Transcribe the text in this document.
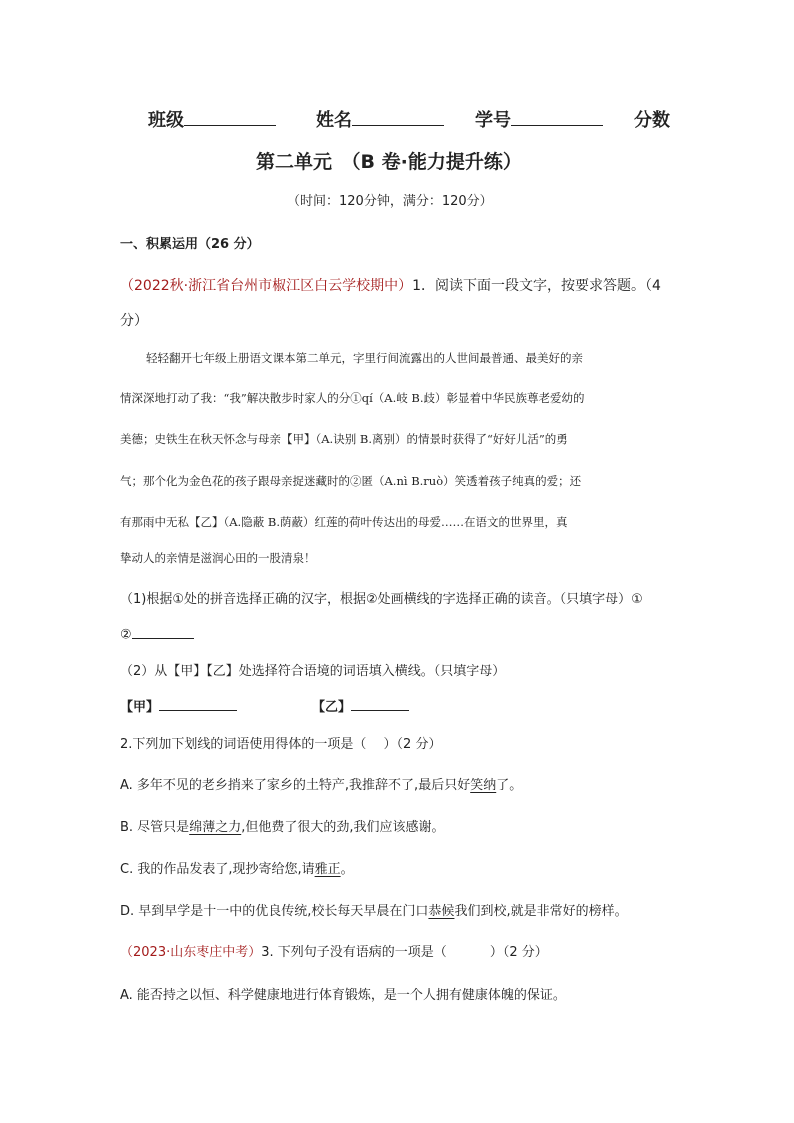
班级	姓名	学号	分数
第二单元　（B 卷·能力提升练）
（时间：120分钟，满分：120分）
一、积累运用（26 分）
（2022秋·浙江省台州市椒江区白云学校期中）1．阅读下面一段文字，按要求答题。（4
分）
轻轻翻开七年级上册语文课本第二单元，字里行间流露出的人世间最普通、最美好的亲
情深深地打动了我：“我”解决散步时家人的分①qí（A.岐 B.歧）彰显着中华民族尊老爱幼的
美德；史铁生在秋天怀念与母亲【甲】（A.诀别 B.离别）的情景时获得了“好好儿活”的勇
气；那个化为金色花的孩子跟母亲捉迷藏时的②匿（A.nì B.ruò）笑透着孩子纯真的爱；还
有那雨中无私【乙】（A.隐蔽 B.荫蔽）红莲的荷叶传达出的母爱……在语文的世界里，真
挚动人的亲情是滋润心田的一股清泉！
（1)根据①处的拼音选择正确的汉字，根据②处画横线的字选择正确的读音。（只填字母）①
②
（2）从【甲】【乙】处选择符合语境的词语填入横线。（只填字母）
【甲】	【乙】
2.下列加下划线的词语使用得体的一项是（　 ）（2 分）
A. 多年不见的老乡捎来了家乡的土特产,我推辞不了,最后只好笑纳了。
B. 尽管只是绵薄之力,但他费了很大的劲,我们应该感谢。
C. 我的作品发表了,现抄寄给您,请雅正。
D. 早到早学是十一中的优良传统,校长每天早晨在门口恭候我们到校,就是非常好的榜样。
（2023·山东枣庄中考）3. 下列句子没有语病的一项是（　　　 ）（2 分）
A. 能否持之以恒、科学健康地进行体育锻炼，是一个人拥有健康体魄的保证。
